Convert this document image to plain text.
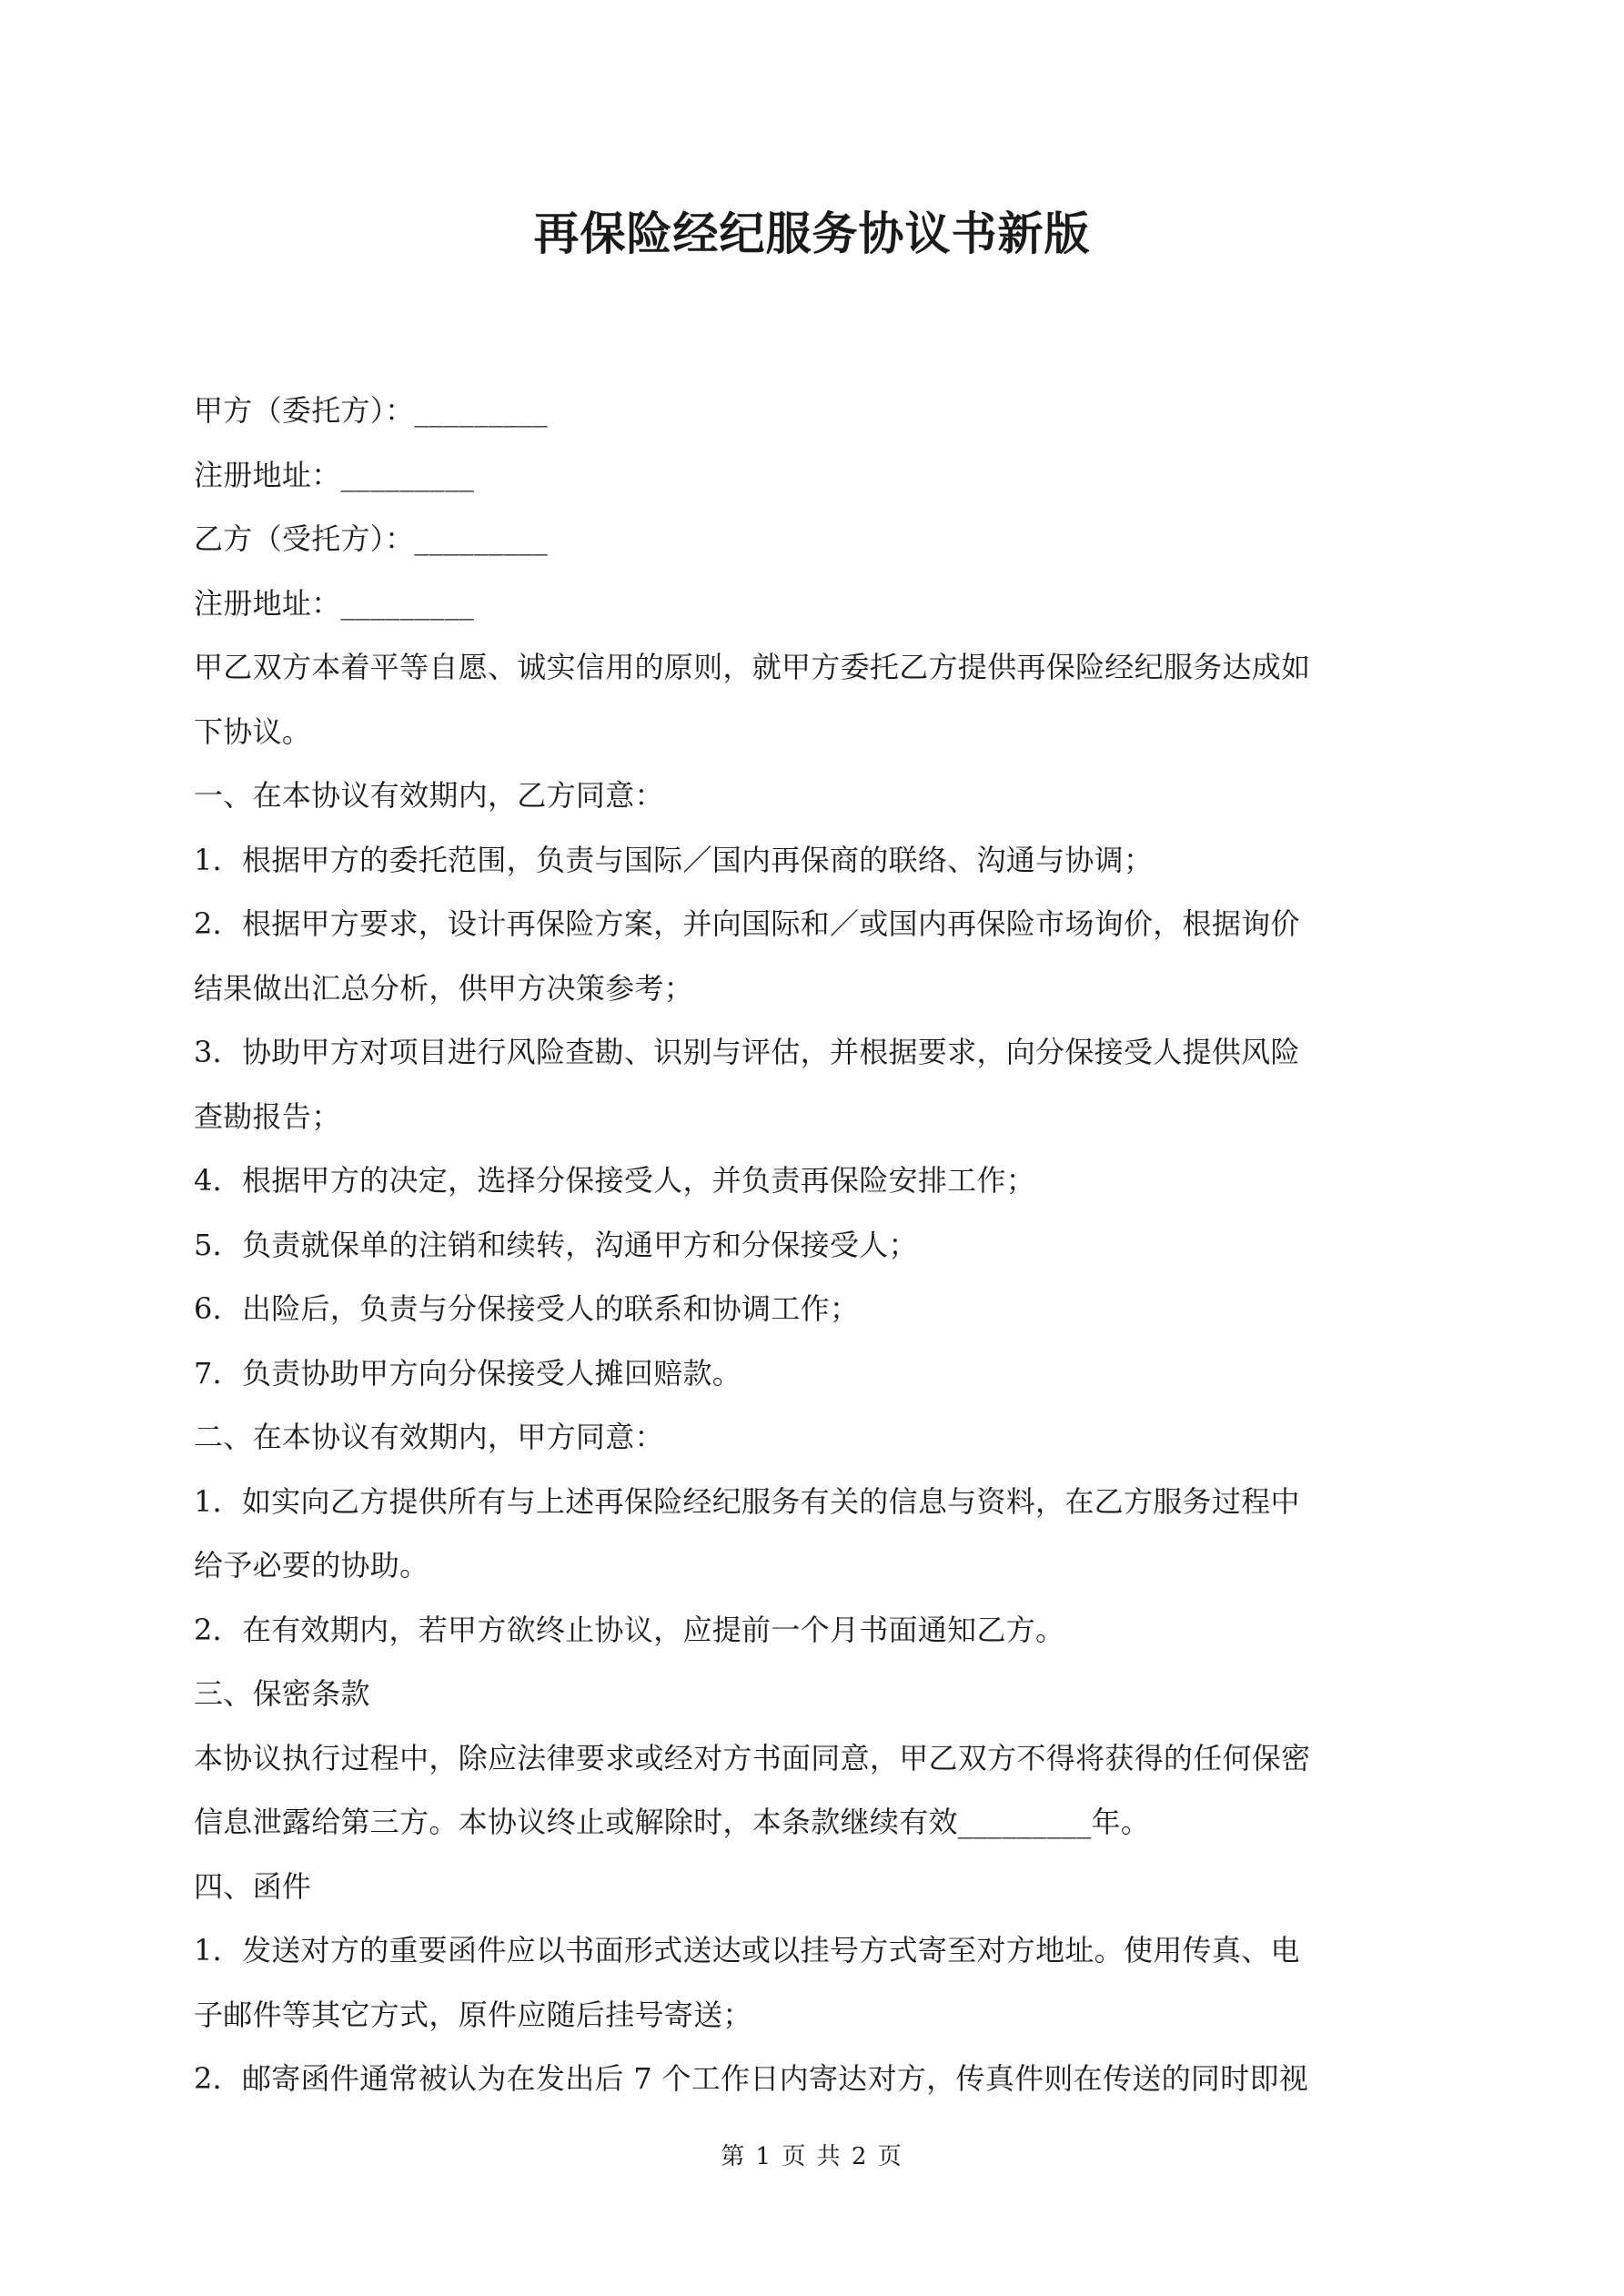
再保险经纪服务协议书新版
甲方（委托方）：_________
注册地址：_________
乙方（受托方）：_________
注册地址：_________
甲乙双方本着平等自愿、诚实信用的原则，就甲方委托乙方提供再保险经纪服务达成如
下协议。
一、在本协议有效期内，乙方同意：
1．根据甲方的委托范围，负责与国际／国内再保商的联络、沟通与协调；
2．根据甲方要求，设计再保险方案，并向国际和／或国内再保险市场询价，根据询价
结果做出汇总分析，供甲方决策参考；
3．协助甲方对项目进行风险查勘、识别与评估，并根据要求，向分保接受人提供风险
查勘报告；
4．根据甲方的决定，选择分保接受人，并负责再保险安排工作；
5．负责就保单的注销和续转，沟通甲方和分保接受人；
6．出险后，负责与分保接受人的联系和协调工作；
7．负责协助甲方向分保接受人摊回赔款。
二、在本协议有效期内，甲方同意：
1．如实向乙方提供所有与上述再保险经纪服务有关的信息与资料，在乙方服务过程中
给予必要的协助。
2．在有效期内，若甲方欲终止协议，应提前一个月书面通知乙方。
三、保密条款
本协议执行过程中，除应法律要求或经对方书面同意，甲乙双方不得将获得的任何保密
信息泄露给第三方。本协议终止或解除时，本条款继续有效_________年。
四、函件
1．发送对方的重要函件应以书面形式送达或以挂号方式寄至对方地址。使用传真、电
子邮件等其它方式，原件应随后挂号寄送；
2．邮寄函件通常被认为在发出后 7 个工作日内寄达对方，传真件则在传送的同时即视
第 1 页 共 2 页
